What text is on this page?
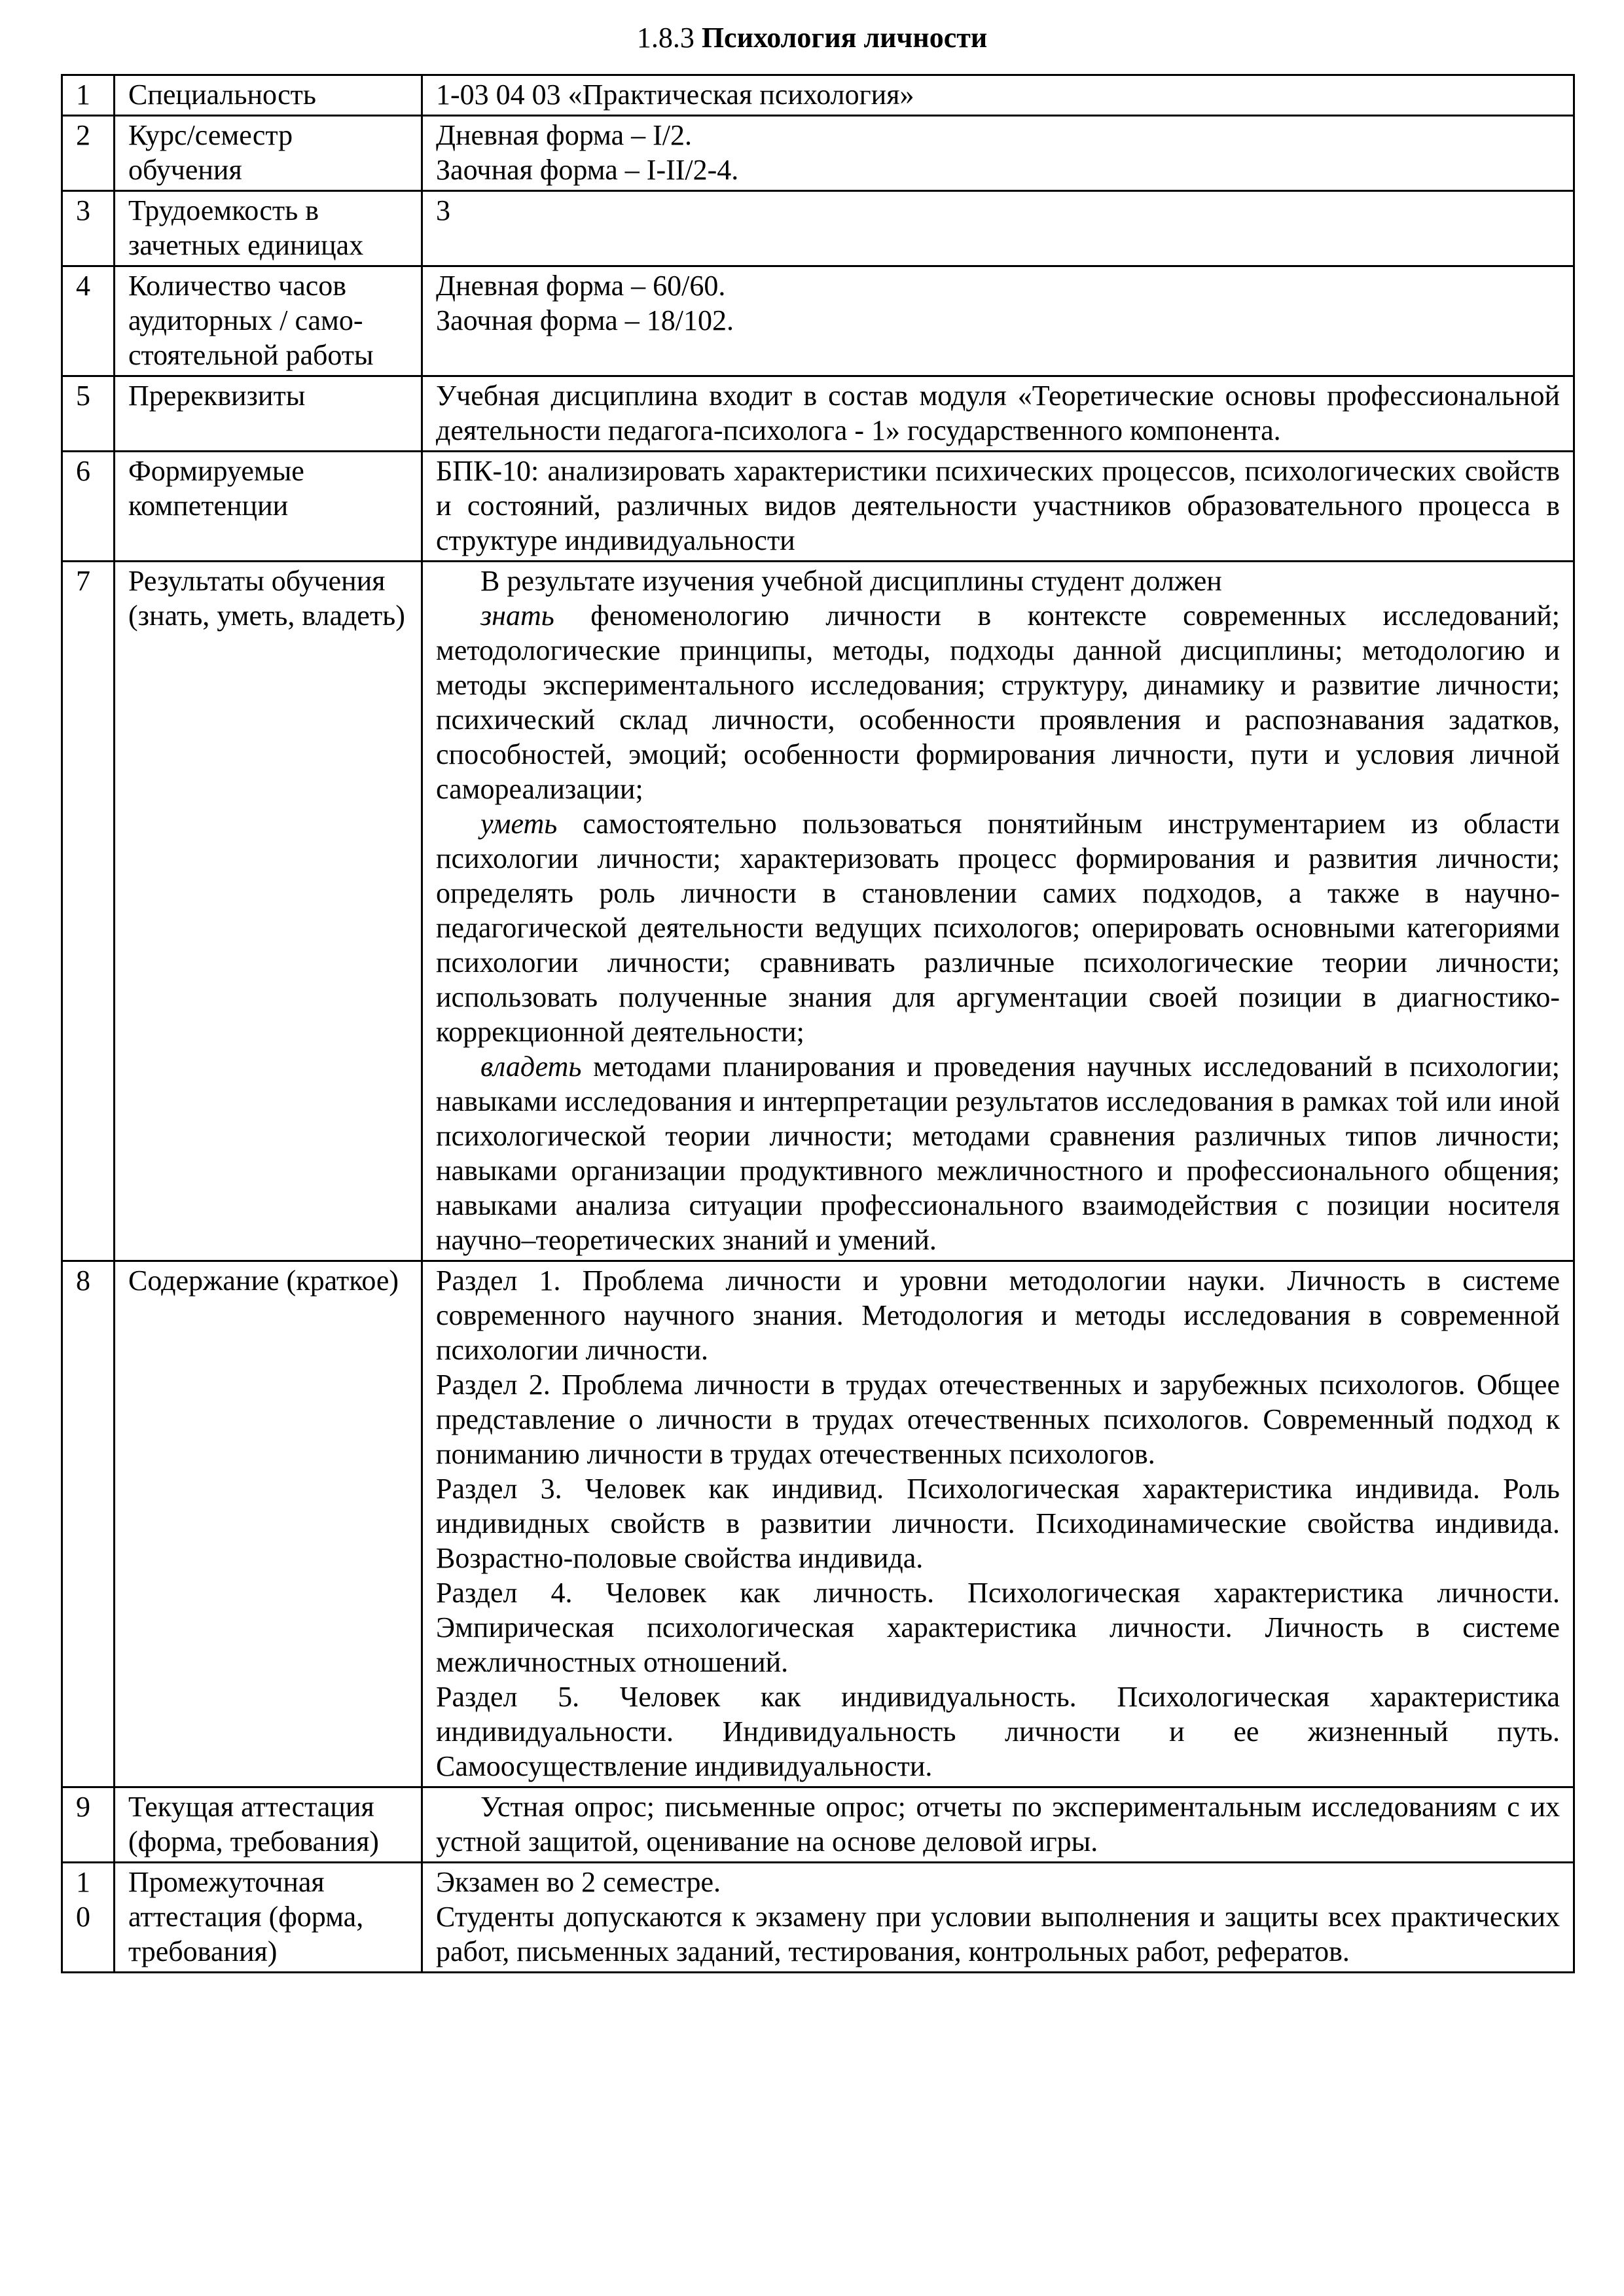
1.8.3 Психология личности
1	Специальность	1-03 04 03 «Практическая психология»

2	Курс/семестр обучения	Дневная форма – I/2.
Заочная форма – I-II/2-4.

3	Трудоемкость в зачетных единицах	3

4	Количество часов аудиторных / само-стоятельной работы	Дневная форма – 60/60.
Заочная форма – 18/102.

5	Пререквизиты	Учебная дисциплина входит в состав модуля «Теоретические основы профессиональной деятельности педагога-психолога - 1» государственного компонента.
6	Формируемые компетенции	БПК-10: анализировать характеристики психических процессов, психологических свойств и состояний, различных видов деятельности участников образовательного процесса в структуре индивидуальности
7	Результаты обучения (знать, уметь, владеть)	В результате изучения учебной дисциплины студент должен

знать феноменологию личности в контексте современных исследований; методологические принципы, методы, подходы данной дисциплины; методологию и методы экспериментального исследования; структуру, динамику и развитие личности; психический склад личности, особенности проявления и распознавания задатков, способностей, эмоций; особенности формирования личности, пути и условия личной самореализации;

уметь самостоятельно пользоваться понятийным инструментарием из области психологии личности; характеризовать процесс формирования и развития личности; определять роль личности в становлении самих подходов, а также в научно-педагогической деятельности ведущих психологов; оперировать основными категориями психологии личности; сравнивать различные психологические теории личности; использовать полученные знания для аргументации своей позиции в диагностико-коррекционной деятельности;

владеть методами планирования и проведения научных исследований в психологии; навыками исследования и интерпретации результатов исследования в рамках той или иной психологической теории личности; методами сравнения различных типов личности; навыками организации продуктивного межличностного и профессионального общения; навыками анализа ситуации профессионального взаимодействия с позиции носителя научно–теоретических знаний и умений.

8	Содержание (краткое)	Раздел 1. Проблема личности и уровни методологии науки. Личность в системе современного научного знания. Методология и методы исследования в современной психологии личности.

Раздел 2. Проблема личности в трудах отечественных и зарубежных психологов. Общее представление о личности в трудах отечественных психологов. Современный подход к пониманию личности в трудах отечественных психологов.

Раздел 3. Человек как индивид. Психологическая характеристика индивида. Роль индивидных свойств в развитии личности. Психодинамические свойства индивида. Возрастно-половые свойства индивида.

Раздел 4. Человек как личность. Психологическая характеристика личности. Эмпирическая психологическая характеристика личности. Личность в системе межличностных отношений.

Раздел 5. Человек как индивидуальность. Психологическая характеристика индивидуальности. Индивидуальность личности и ее жизненный путь. Самоосуществление индивидуальности.

9	Текущая аттестация (форма, требования)	Устная опрос; письменные опрос; отчеты по экспериментальным исследованиям с их устной защитой, оценивание на основе деловой игры.

10	Промежуточная аттестация (форма, требования)	Экзамен во 2 семестре.

Студенты допускаются к экзамену при условии выполнения и защиты всех практических работ, письменных заданий, тестирования, контрольных работ, рефератов.
